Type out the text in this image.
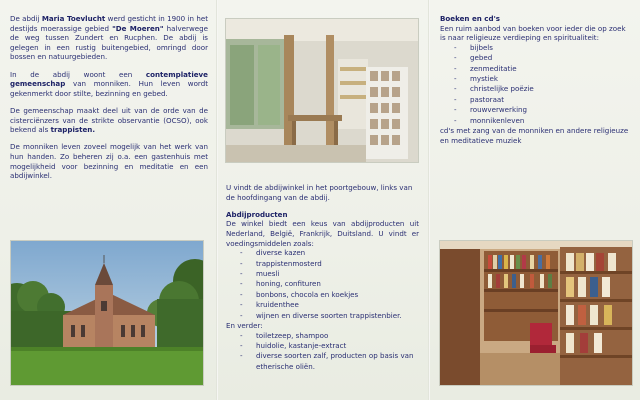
De abdij Maria Toevlucht werd gesticht in 1900 in het destijds moerassige gebied "De Moeren" halverwege de weg tussen Zundert en Rucphen. De abdij is gelegen in een rustig buitengebied, omringd door bossen en natuurgebieden.

In de abdij woont een contemplatieve gemeenschap van monniken. Hun leven wordt gekenmerkt door stilte, bezinning en gebed.

De gemeenschap maakt deel uit van de orde van de cisterciënzers van de strikte observantie (OCSO), ook bekend als trappisten.

De monniken leven zoveel mogelijk van het werk van hun handen. Zo beheren zij o.a. een gastenhuis met mogelijkheid voor bezinning en meditatie en een abdijwinkel.

U vindt de abdijwinkel in het poortgebouw, links van de hoofdingang van de abdij.

Abdijproducten
De winkel biedt een keus van abdijproducten uit Nederland, België, Frankrijk, Duitsland. U vindt er voedingsmiddelen zoals:
- diverse kazen
- trappistenmosterd
- muesli
- honing, confituren
- bonbons, chocola en koekjes
- kruidenthee
- wijnen en diverse soorten trappistenbier.
En verder:
- toiletzeep, shampoo
- huidolie, kastanje-extract
- diverse soorten zalf, producten op basis van etherische oliën.
Boeken en cd's
Een ruim aanbod van boeken voor ieder die op zoek is naar religieuze verdieping en spiritualiteit:
- bijbels
- gebed
- zenmeditatie
- mystiek
- christelijke poëzie
- pastoraat
- rouwverwerking
- monnikenleven
cd's met zang van de monniken en andere religieuze en meditatieve muziek
